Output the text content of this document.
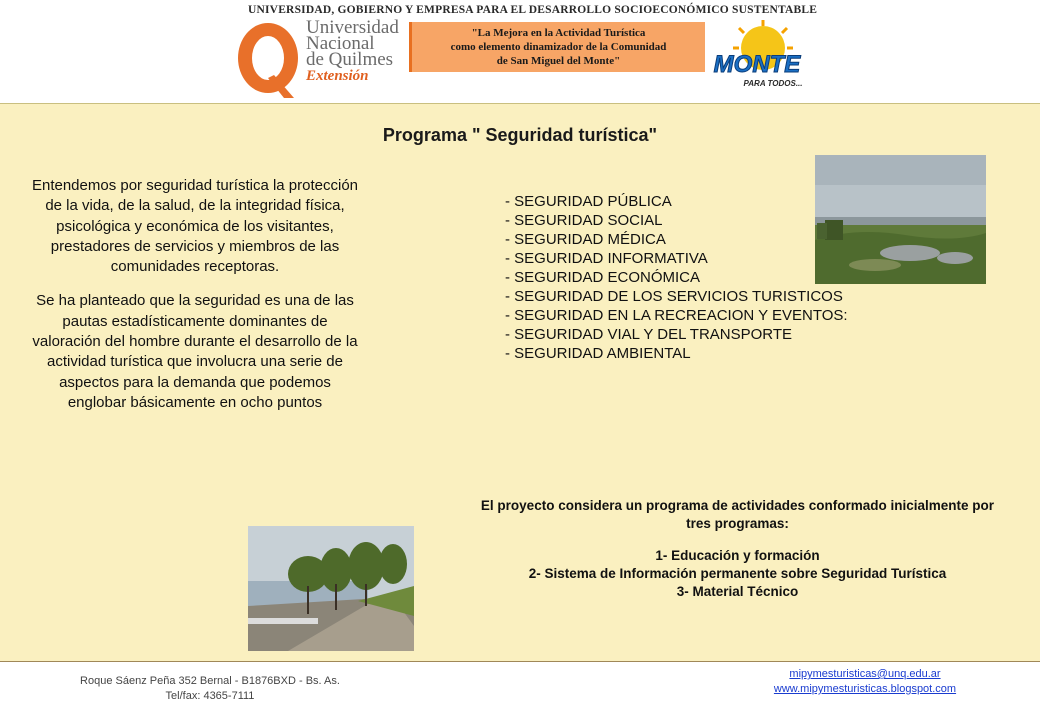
UNIVERSIDAD, GOBIERNO Y EMPRESA PARA EL DESARROLLO SOCIOECONÓMICO SUSTENTABLE
Universidad
Nacional
de Quilmes
Extensión
"La Mejora en la Actividad Turística
como elemento dinamizador de la Comunidad
de San Miguel del Monte"	MONTE
PARA TODOS...
Programa " Seguridad turística"

Entendemos por seguridad turística la protección de la vida, de la salud, de la integridad física, psicológica y económica de los visitantes, prestadores de servicios y miembros de las comunidades receptoras.

Se ha planteado que la seguridad es una de las pautas estadísticamente dominantes de valoración del hombre durante el desarrollo de la actividad turística que involucra una serie de aspectos para la demanda que podemos englobar básicamente en ocho puntos

- SEGURIDAD PÚBLICA
- SEGURIDAD SOCIAL
- SEGURIDAD MÉDICA
- SEGURIDAD INFORMATIVA
- SEGURIDAD ECONÓMICA
- SEGURIDAD DE LOS SERVICIOS TURISTICOS
- SEGURIDAD EN LA RECREACION Y EVENTOS:
- SEGURIDAD VIAL Y DEL TRANSPORTE
- SEGURIDAD AMBIENTAL

El proyecto considera un programa de actividades conformado inicialmente por tres programas:

1- Educación y formación

2- Sistema de Información permanente sobre Seguridad Turística

3- Material Técnico

Roque Sáenz Peña 352 Bernal - B1876BXD - Bs. As.
Tel/fax: 4365-7111
mipymesturisticas@unq.edu.ar
www.mipymesturisticas.blogspot.com
